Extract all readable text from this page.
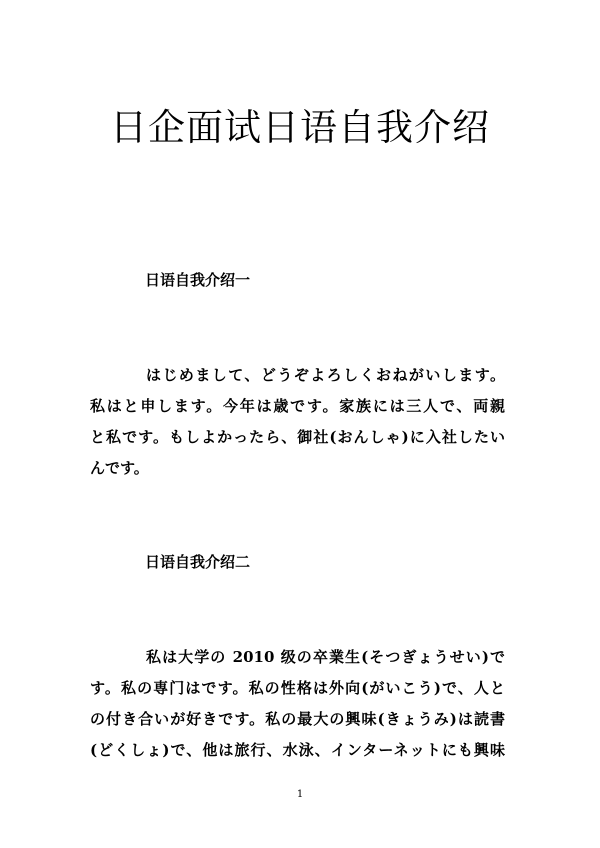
日企面试日语自我介绍
日语自我介绍一
はじめまして、どうぞよろしくおねがいします。
私はと申します。今年は歳です。家族には三人で、両親
と私です。もしよかったら、御社(おんしゃ)に入社したい
んです。
日语自我介绍二
私は大学の 2010 级の卒業生(そつぎょうせい)で
す。私の専门はです。私の性格は外向(がいこう)で、人と
の付き合いが好きです。私の最大の興味(きょうみ)は読書
(どくしょ)で、他は旅行、水泳、インターネットにも興味
1
